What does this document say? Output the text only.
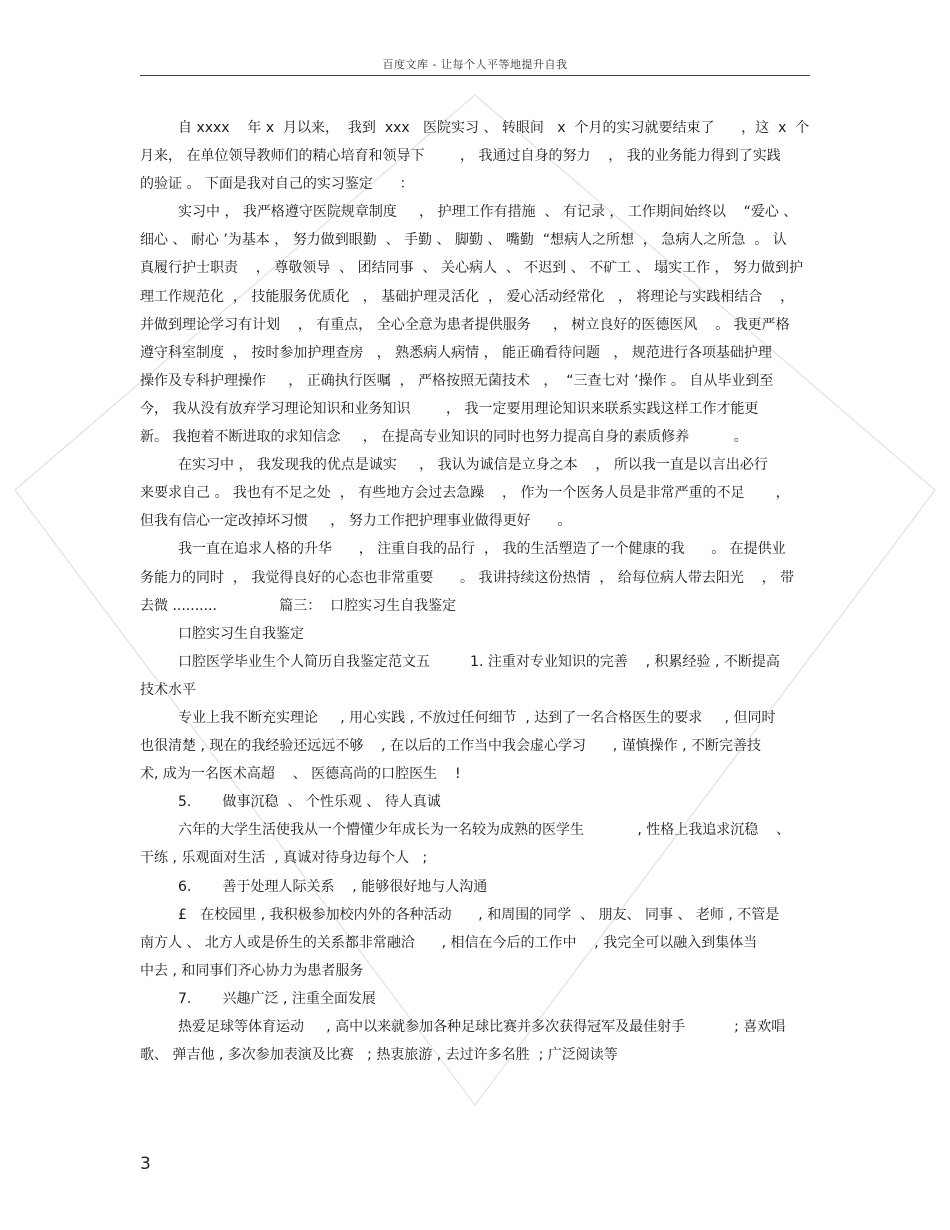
百度文库 - 让每个人平等地提升自我
自 xxxx    年 x  月以来，  我到  xxx   医院实习 、 转眼间   x  个月的实习就要结束了      ，这  x  个
月来， 在单位领导教师们的精心培育和领导下        ， 我通过自身的努力    ， 我的业务能力得到了实践
的验证 。 下面是我对自己的实习鉴定      ：
实习中 ， 我严格遵守医院规章制度     ， 护理工作有措施  、 有记录 ， 工作期间始终以    “爱心 、
细心 、 耐心 ’为基本 ， 努力做到眼勤  、 手勤 、 脚勤 、 嘴勤  “想病人之所想  ， 急病人之所急  。 认
真履行护士职责    ， 尊敬领导  、 团结同事  、 关心病人  、 不迟到 、 不矿工 、 塌实工作 ， 努力做到护
理工作规范化  ， 技能服务优质化   ， 基础护理灵活化  ， 爱心活动经常化   ， 将理论与实践相结合    ，
并做到理论学习有计划    ， 有重点， 全心全意为患者提供服务     ， 树立良好的医德医风    。 我更严格
遵守科室制度  ， 按时参加护理查房   ， 熟悉病人病情 ， 能正确看待问题   ， 规范进行各项基础护理
操作及专科护理操作     ， 正确执行医嘱  ， 严格按照无菌技术   ，  “三查七对 ’操作 。 自从毕业到至
今， 我从没有放弃学习理论知识和业务知识        ， 我一定要用理论知识来联系实践这样工作才能更
新。 我抱着不断进取的求知信念     ， 在提高专业知识的同时也努力提高自身的素质修养          。
在实习中 ， 我发现我的优点是诚实     ， 我认为诚信是立身之本    ， 所以我一直是以言出必行
来要求自己 。 我也有不足之处  ， 有些地方会过去急躁    ， 作为一个医务人员是非常严重的不足       ，
但我有信心一定改掉坏习惯     ， 努力工作把护理事业做得更好      。
我一直在追求人格的升华      ， 注重自我的品行  ， 我的生活塑造了一个健康的我      。 在提供业
务能力的同时  ， 我觉得良好的心态也非常重要      。 我讲持续这份热情  ， 给每位病人带去阳光    ， 带
去微 ..........              篇三：  口腔实习生自我鉴定
口腔实习生自我鉴定
口腔医学毕业生个人简历自我鉴定范文五         1. 注重对专业知识的完善    , 积累经验 , 不断提高
技术水平
专业上我不断充实理论     , 用心实践 , 不放过任何细节  , 达到了一名合格医生的要求     , 但同时
也很清楚 , 现在的我经验还远远不够    , 在以后的工作当中我会虚心学习      , 谨慎操作 , 不断完善技
术, 成为一名医术高超    、 医德高尚的口腔医生    !
5.       做事沉稳  、 个性乐观 、 待人真诚
六年的大学生活使我从一个懵懂少年成长为一名较为成熟的医学生            , 性格上我追求沉稳    、
干练 , 乐观面对生活  , 真诚对待身边每个人   ;
6.       善于处理人际关系    , 能够很好地与人沟通
£   在校园里 , 我积极参加校内外的各种活动      , 和周围的同学  、 朋友、 同事 、 老师 , 不管是
南方人 、 北方人或是侨生的关系都非常融洽      , 相信在今后的工作中    , 我完全可以融入到集体当
中去 , 和同事们齐心协力为患者服务
7.       兴趣广泛 , 注重全面发展
热爱足球等体育运动     , 高中以来就参加各种足球比赛并多次获得冠军及最佳射手           ; 喜欢唱
歌、 弹吉他 , 多次参加表演及比赛   ; 热衷旅游 , 去过许多名胜  ; 广泛阅读等
3
